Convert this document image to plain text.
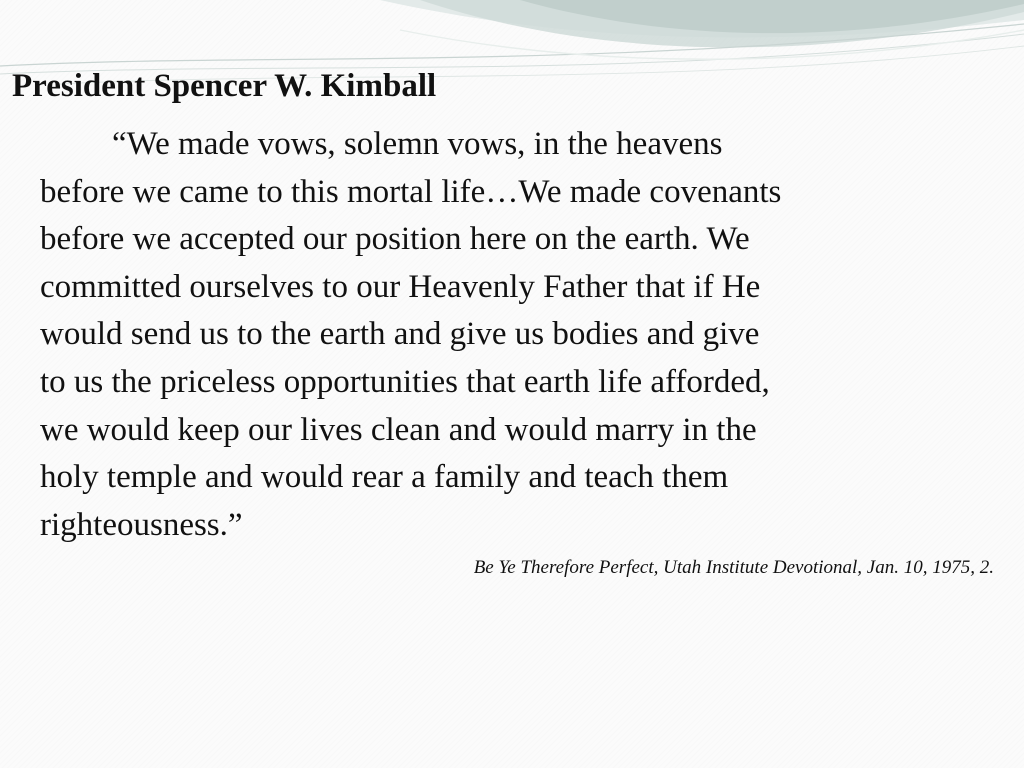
President Spencer W. Kimball

“We made vows, solemn vows, in the heavens
before we came to this mortal life…We made covenants
before we accepted our position here on the earth. We
committed ourselves to our Heavenly Father that if He
would send us to the earth and give us bodies and give
to us the priceless opportunities that earth life afforded,
we would keep our lives clean and would marry in the
holy temple and would rear a family and teach them
righteousness.”

Be Ye Therefore Perfect, Utah Institute Devotional, Jan. 10, 1975, 2.
